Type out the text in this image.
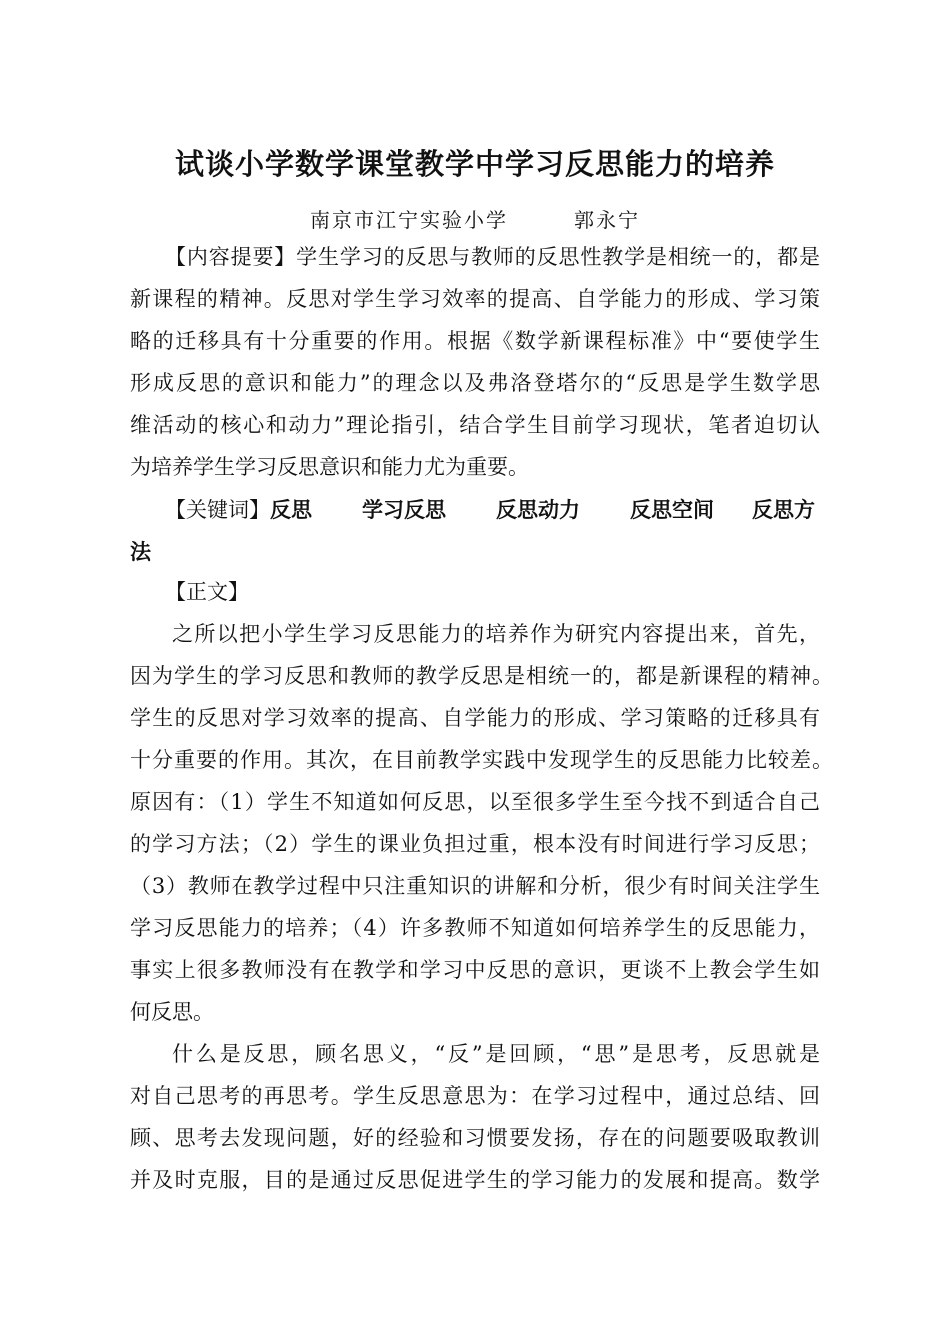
试谈小学数学课堂教学中学习反思能力的培养
南京市江宁实验小学	郭永宁
【内容提要】学生学习的反思与教师的反思性教学是相统一的，都是
新课程的精神。反思对学生学习效率的提高、自学能力的形成、学习策
略的迁移具有十分重要的作用。根据《数学新课程标准》中“要使学生
形成反思的意识和能力”的理念以及弗洛登塔尔的“反思是学生数学思
维活动的核心和动力”理论指引，结合学生目前学习现状，笔者迫切认
为培养学生学习反思意识和能力尤为重要。
【关键词】 反思 学习反思 反思动力 反思空间 反思方
法
【正文】
之所以把小学生学习反思能力的培养作为研究内容提出来，首先，
因为学生的学习反思和教师的教学反思是相统一的，都是新课程的精神。
学生的反思对学习效率的提高、自学能力的形成、学习策略的迁移具有
十分重要的作用。其次，在目前教学实践中发现学生的反思能力比较差。
原因有：（1）学生不知道如何反思，以至很多学生至今找不到适合自己
的学习方法；（2）学生的课业负担过重，根本没有时间进行学习反思；
（3）教师在教学过程中只注重知识的讲解和分析，很少有时间关注学生
学习反思能力的培养；（4）许多教师不知道如何培养学生的反思能力，
事实上很多教师没有在教学和学习中反思的意识，更谈不上教会学生如
何反思。
什么是反思，顾名思义，“反”是回顾，“思”是思考，反思就是
对自己思考的再思考。学生反思意思为：在学习过程中，通过总结、回
顾、思考去发现问题，好的经验和习惯要发扬，存在的问题要吸取教训
并及时克服，目的是通过反思促进学生的学习能力的发展和提高。数学
